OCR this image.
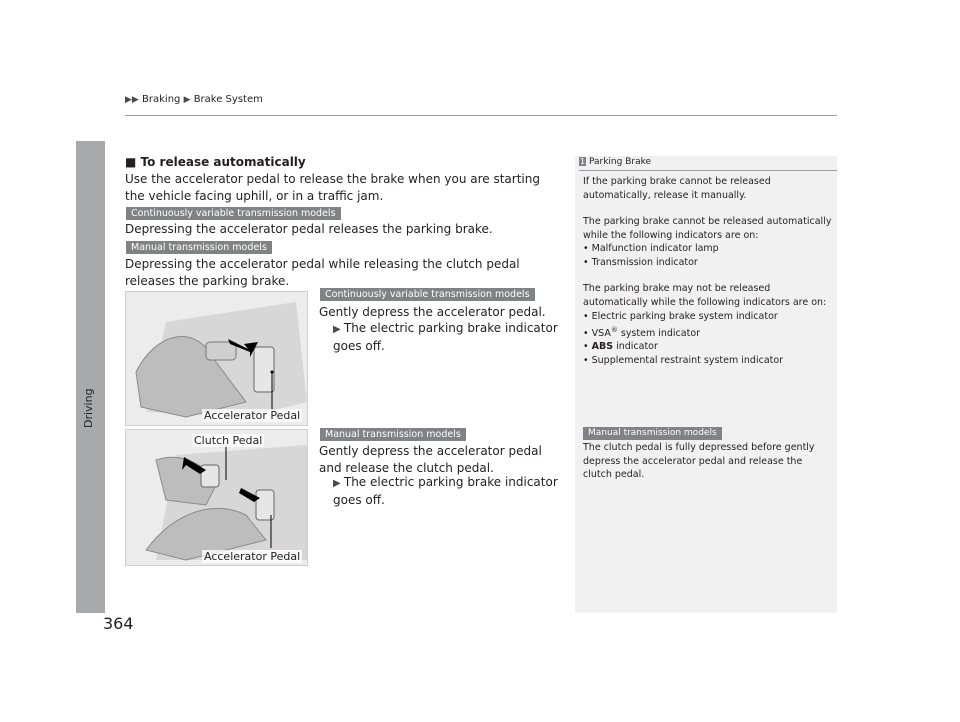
▶▶ Braking ▶ Brake System
Driving
364
■ To release automatically
Use the accelerator pedal to release the brake when you are starting the vehicle facing uphill, or in a traffic jam.
Continuously variable transmission models
Depressing the accelerator pedal releases the parking brake.
Manual transmission models
Depressing the accelerator pedal while releasing the clutch pedal releases the parking brake.
Accelerator Pedal
Clutch Pedal
Accelerator Pedal
Continuously variable transmission models
Gently depress the accelerator pedal.
▶ The electric parking brake indicator goes off.
Manual transmission models
Gently depress the accelerator pedal and release the clutch pedal.
▶ The electric parking brake indicator goes off.
1 Parking Brake
If the parking brake cannot be released automatically, release it manually.
The parking brake cannot be released automatically while the following indicators are on:
• Malfunction indicator lamp
• Transmission indicator
The parking brake may not be released automatically while the following indicators are on:
• Electric parking brake system indicator
• VSA® system indicator
• ABS indicator
• Supplemental restraint system indicator
Manual transmission models
The clutch pedal is fully depressed before gently depress the accelerator pedal and release the clutch pedal.
